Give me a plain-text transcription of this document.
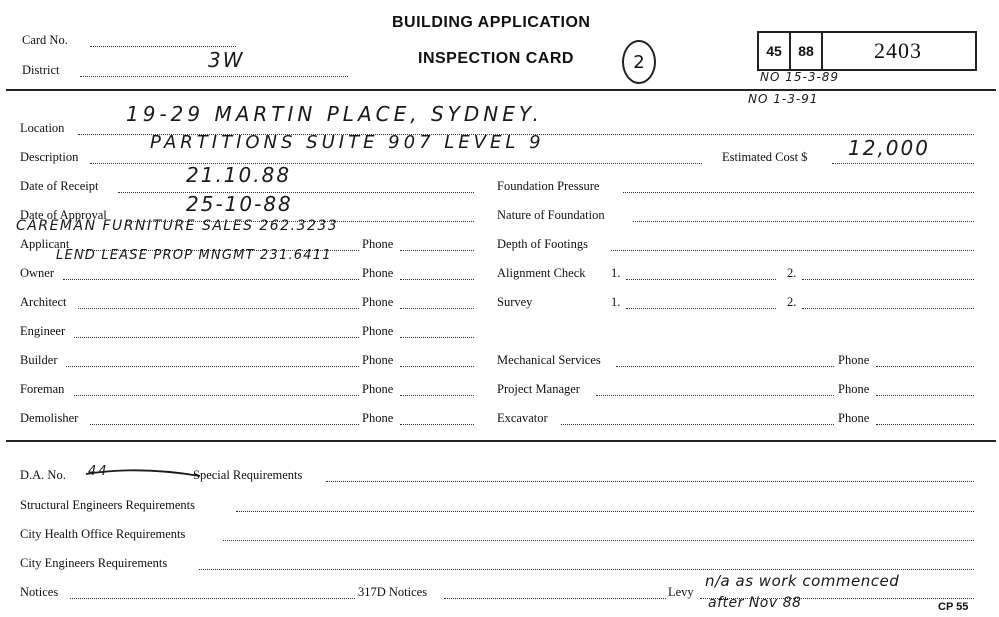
Card No.
District	3W
BUILDING APPLICATION
INSPECTION CARD	2
45 88	2403
NO 15-3-89
NO 1-3-91
Location
19-29 MARTIN PLACE, SYDNEY.
Description
PARTITIONS SUITE 907 LEVEL 9
Estimated Cost $ 12,000
Date of Receipt	21.10.88
Date of Approval	25-10-88
Applicant	Phone
CAREMAN FURNITURE SALES 262.3233
Owner	Phone
LEND LEASE PROP MNGMT 231.6411
Architect	Phone
Engineer	Phone
Builder	Phone
Foreman	Phone
Demolisher	Phone
Foundation Pressure
Nature of Foundation
Depth of Footings
Alignment Check 1.	2.
Survey	1.	2.
Mechanical Services	Phone
Project Manager	Phone
Excavator	Phone
D.A. No. 44	Special Requirements
Structural Engineers Requirements
City Health Office Requirements
City Engineers Requirements
Notices	317D Notices	Levy
n/a as work commenced
after Nov 88	CP 55
